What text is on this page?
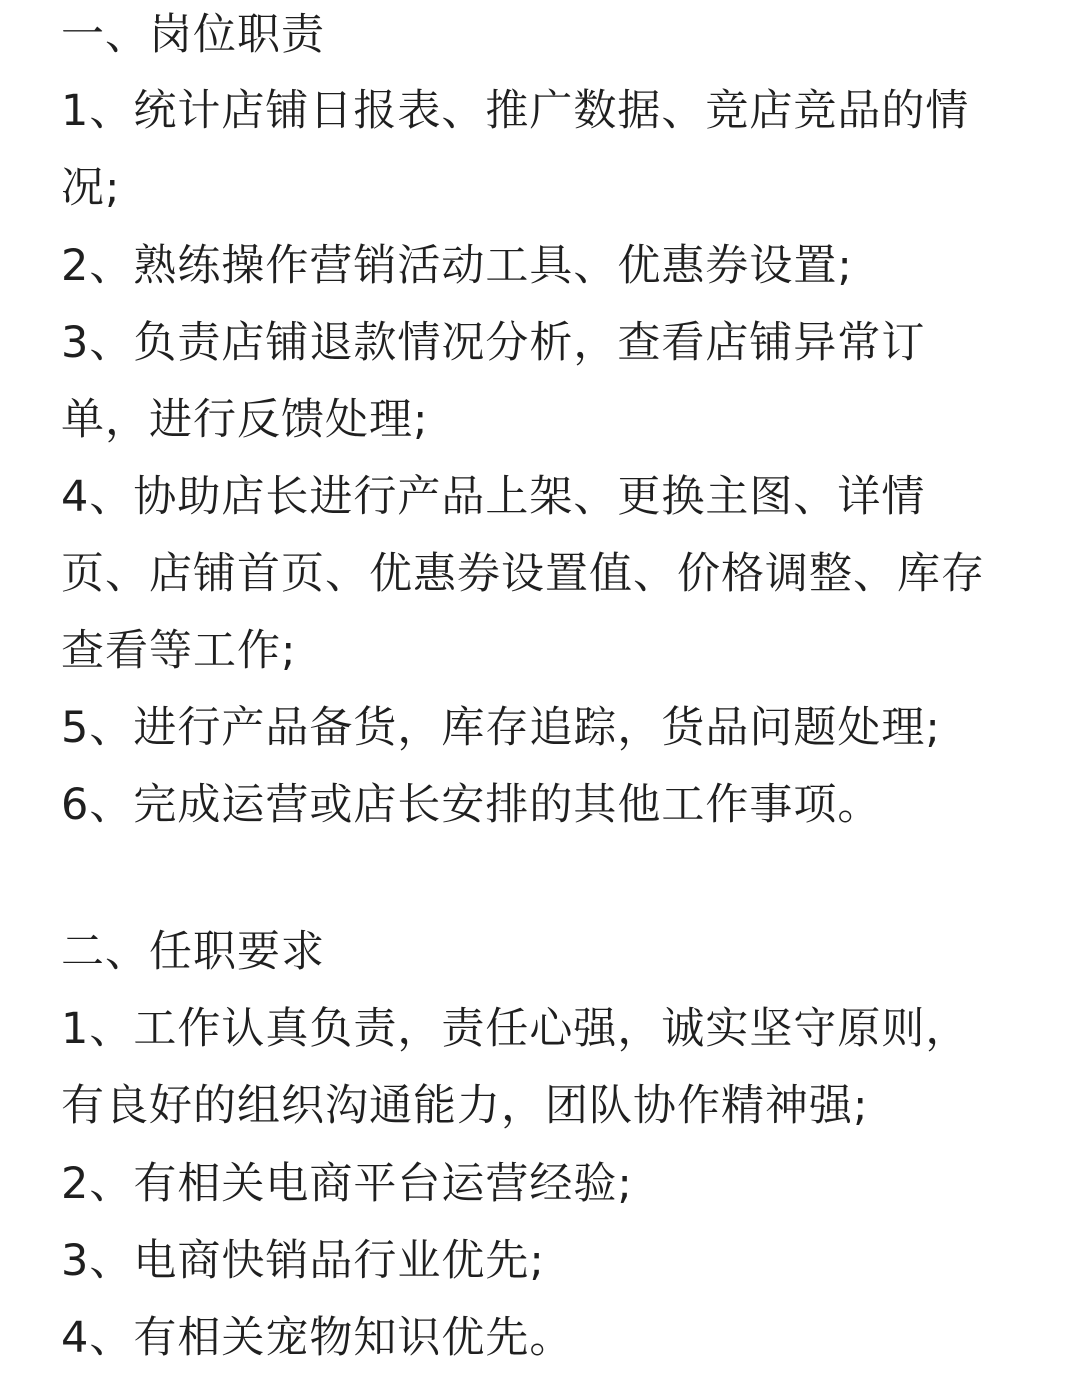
一、岗位职责
1、统计店铺日报表、推广数据、竞店竞品的情
况;
2、熟练操作营销活动工具、优惠券设置;
3、负责店铺退款情况分析，查看店铺异常订
单，进行反馈处理;
4、协助店长进行产品上架、更换主图、详情
页、店铺首页、优惠券设置值、价格调整、库存
查看等工作;
5、进行产品备货，库存追踪，货品问题处理;
6、完成运营或店长安排的其他工作事项。
二、任职要求
1、工作认真负责，责任心强，诚实坚守原则，
有良好的组织沟通能力，团队协作精神强;
2、有相关电商平台运营经验;
3、电商快销品行业优先;
4、有相关宠物知识优先。
